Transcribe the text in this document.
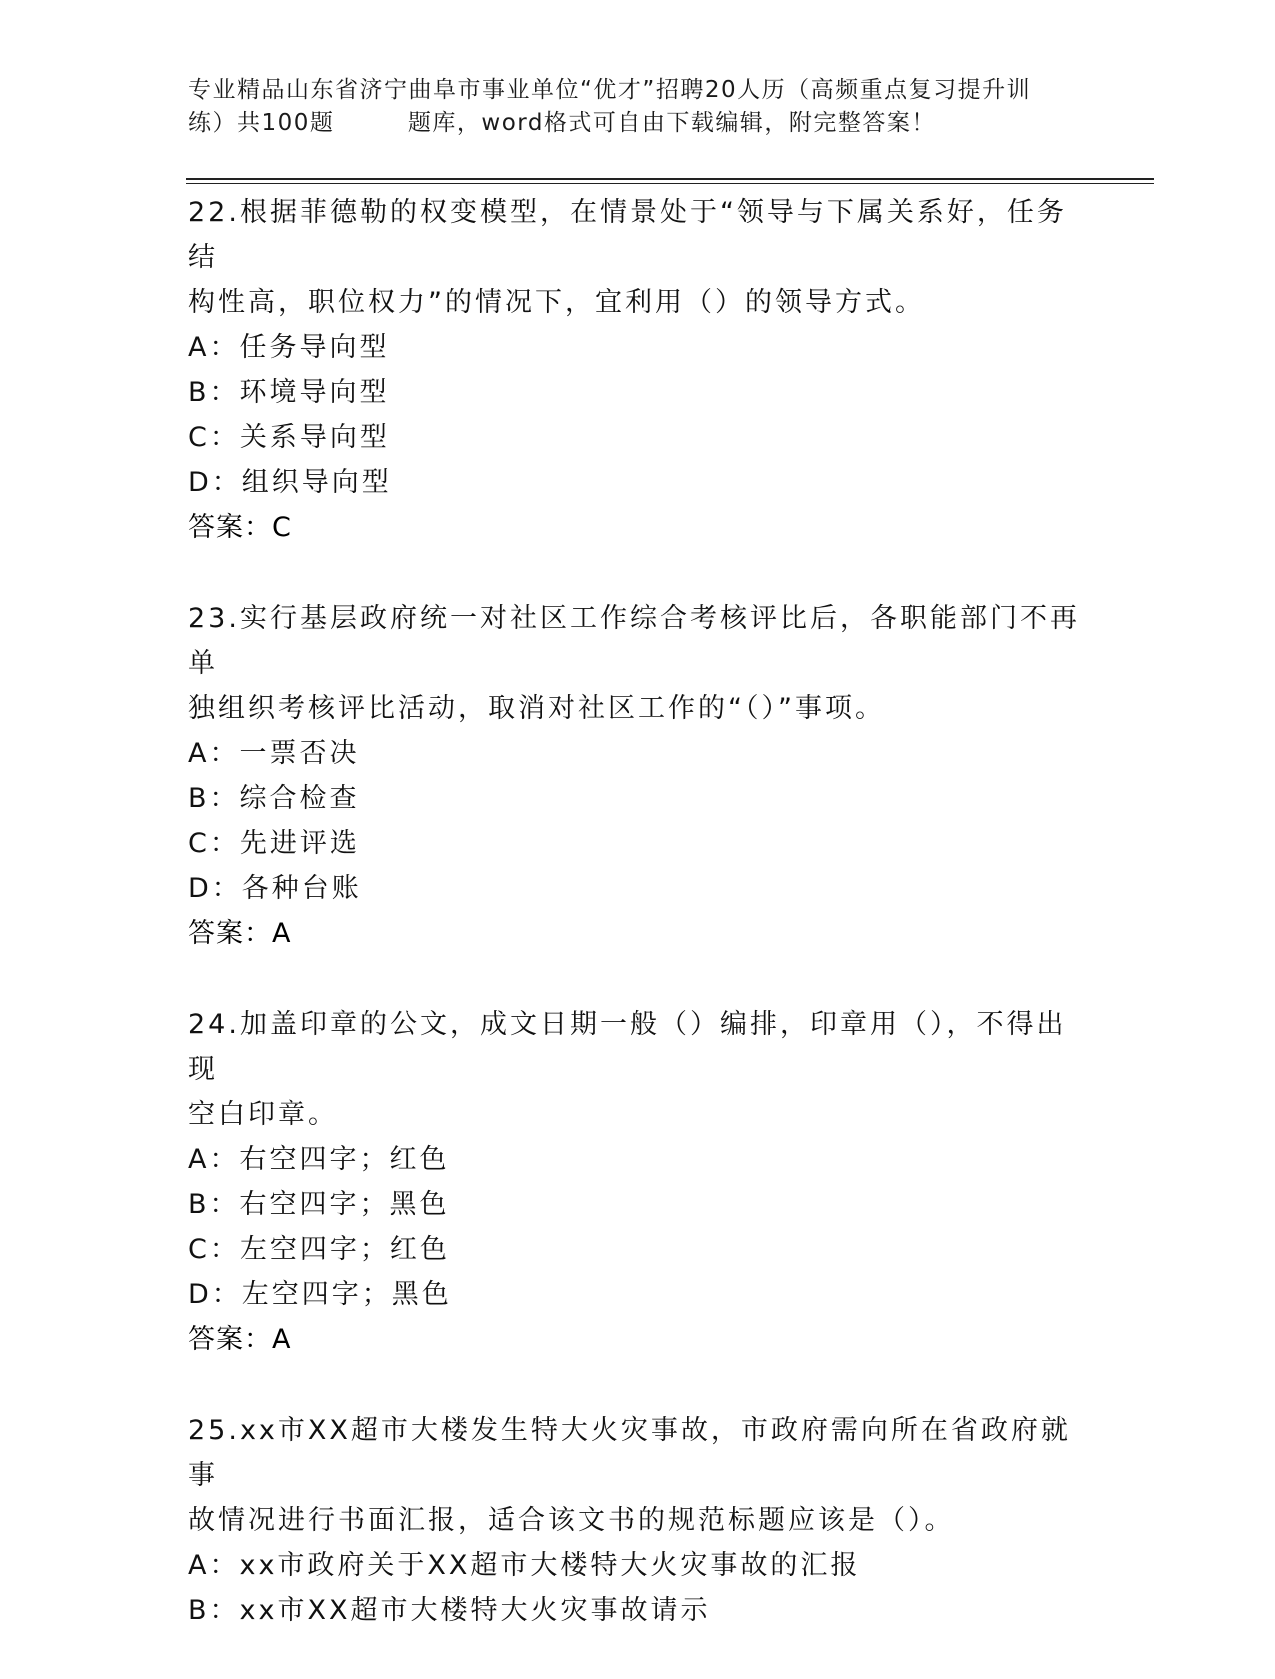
专业精品山东省济宁曲阜市事业单位“优才”招聘20人历（高频重点复习提升训
练）共100题　　　题库，word格式可自由下载编辑，附完整答案！

22.根据菲德勒的权变模型，在情景处于“领导与下属关系好，任务结

构性高，职位权力”的情况下，宜利用（）的领导方式。

A：任务导向型

B：环境导向型

C：关系导向型

D：组织导向型

答案：C

23.实行基层政府统一对社区工作综合考核评比后，各职能部门不再单

独组织考核评比活动，取消对社区工作的“（）”事项。

A：一票否决

B：综合检查

C：先进评选

D：各种台账

答案：A

24.加盖印章的公文，成文日期一般（）编排，印章用（），不得出现

空白印章。

A：右空四字；红色

B：右空四字；黑色

C：左空四字；红色

D：左空四字；黑色

答案：A

25.xx市XX超市大楼发生特大火灾事故，市政府需向所在省政府就事

故情况进行书面汇报，适合该文书的规范标题应该是（）。

A：xx市政府关于XX超市大楼特大火灾事故的汇报

B：xx市XX超市大楼特大火灾事故请示
